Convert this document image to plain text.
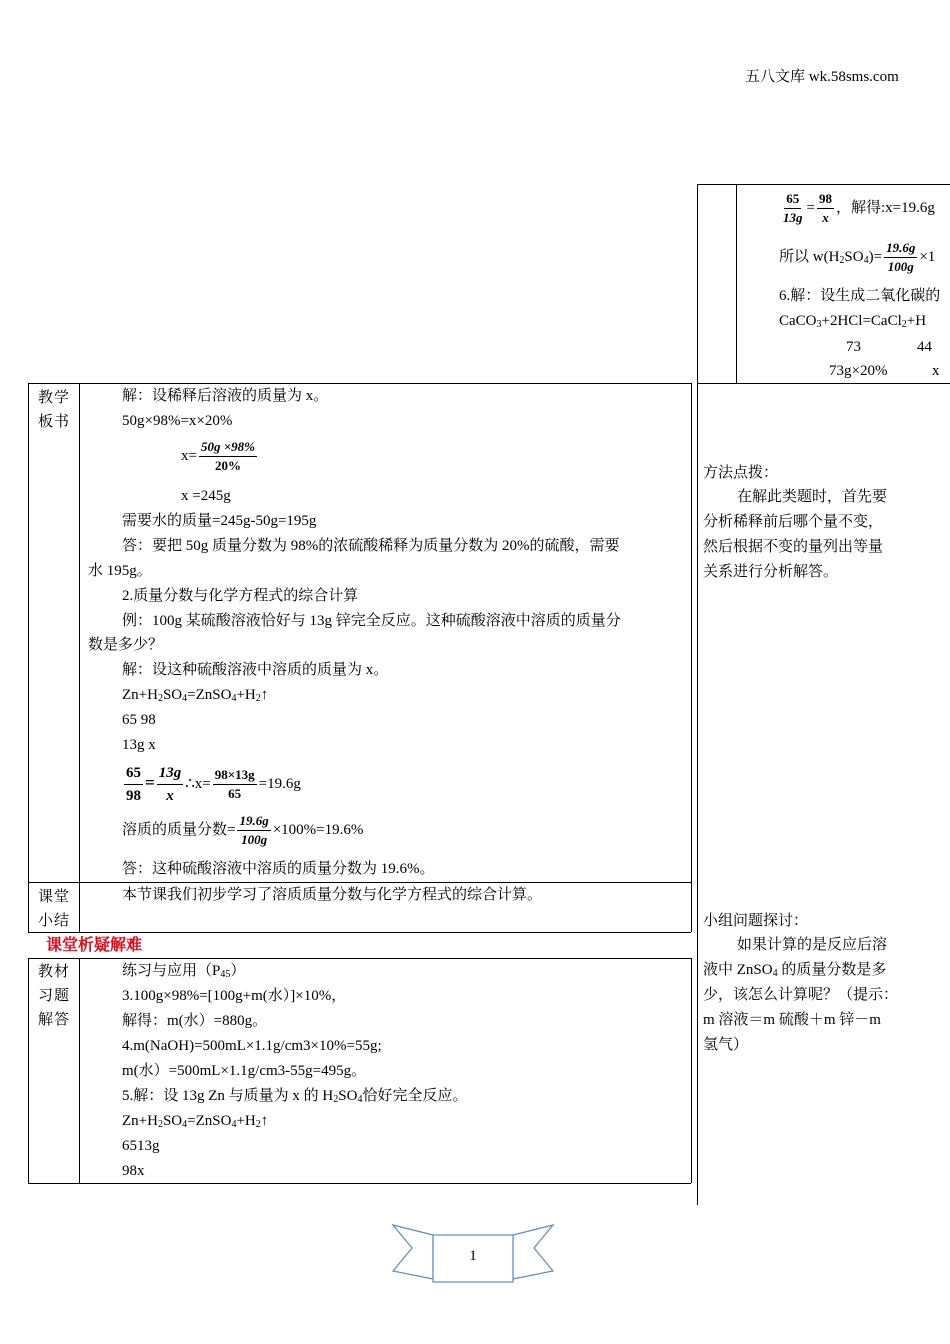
五八文库 wk.58sms.com
$\frac{65}{13g} = \frac{98}{x}$ ，解得:x=19.6g
所以 $w(H_2SO_4)= \frac{19.6g}{100g} \times 1$
6.解：设生成二氧化碳的
CaCO$_3$+2HCl=CaCl$_2$+H
73	44
73g×20%	x
教学
板书
解：设稀释后溶液的质量为 x。
50g×98%=x×20%
$x= \frac{50g \times 98\%}{20\%}$
x =245g
需要水的质量=245g-50g=195g
答：要把 50g 质量分数为 98%的浓硫酸稀释为质量分数为 20%的硫酸，需要
水 195g。
2.质量分数与化学方程式的综合计算
例：100g 某硫酸溶液恰好与 13g 锌完全反应。这种硫酸溶液中溶质的质量分
数是多少？
解：设这种硫酸溶液中溶质的质量为 x。
$Zn+H_2SO_4=ZnSO_4+H_2↑$
65 98
13g x
$\frac{65}{98} = \frac{13g}{x}$ ∴x= $\frac{98\times 13g}{65} =19.6g$
溶质的质量分数= $\frac{19.6g}{100g} \times 100\%=19.6\%$
答：这种硫酸溶液中溶质的质量分数为 19.6%。
课堂
小结
本节课我们初步学习了溶质质量分数与化学方程式的综合计算。
课堂析疑解难
教材
习题
解答
练习与应用$(P_{45})$
3.100g×98%=[100g+m(水）]×10%，
解得：m(水）=880g。
4.m(NaOH)=500mL×1.1g/cm3×10%=55g;
m(水）=500mL×1.1g/cm3-55g=495g。
5.解：设 13g Zn 与质量为 x 的 $H_2SO_4$恰好完全反应。
$Zn+H_2SO_4=ZnSO_4+H_2↑$
6513g
98x
方法点拨：
在解此类题时，首先要
分析稀释前后哪个量不变，
然后根据不变的量列出等量
关系进行分析解答。
小组问题探讨：
如果计算的是反应后溶
液中 ZnSO$_4$ 的质量分数是多
少，该怎么计算呢？（提示：
m 溶液＝m 硫酸＋m 锌－m
氢气）
1
